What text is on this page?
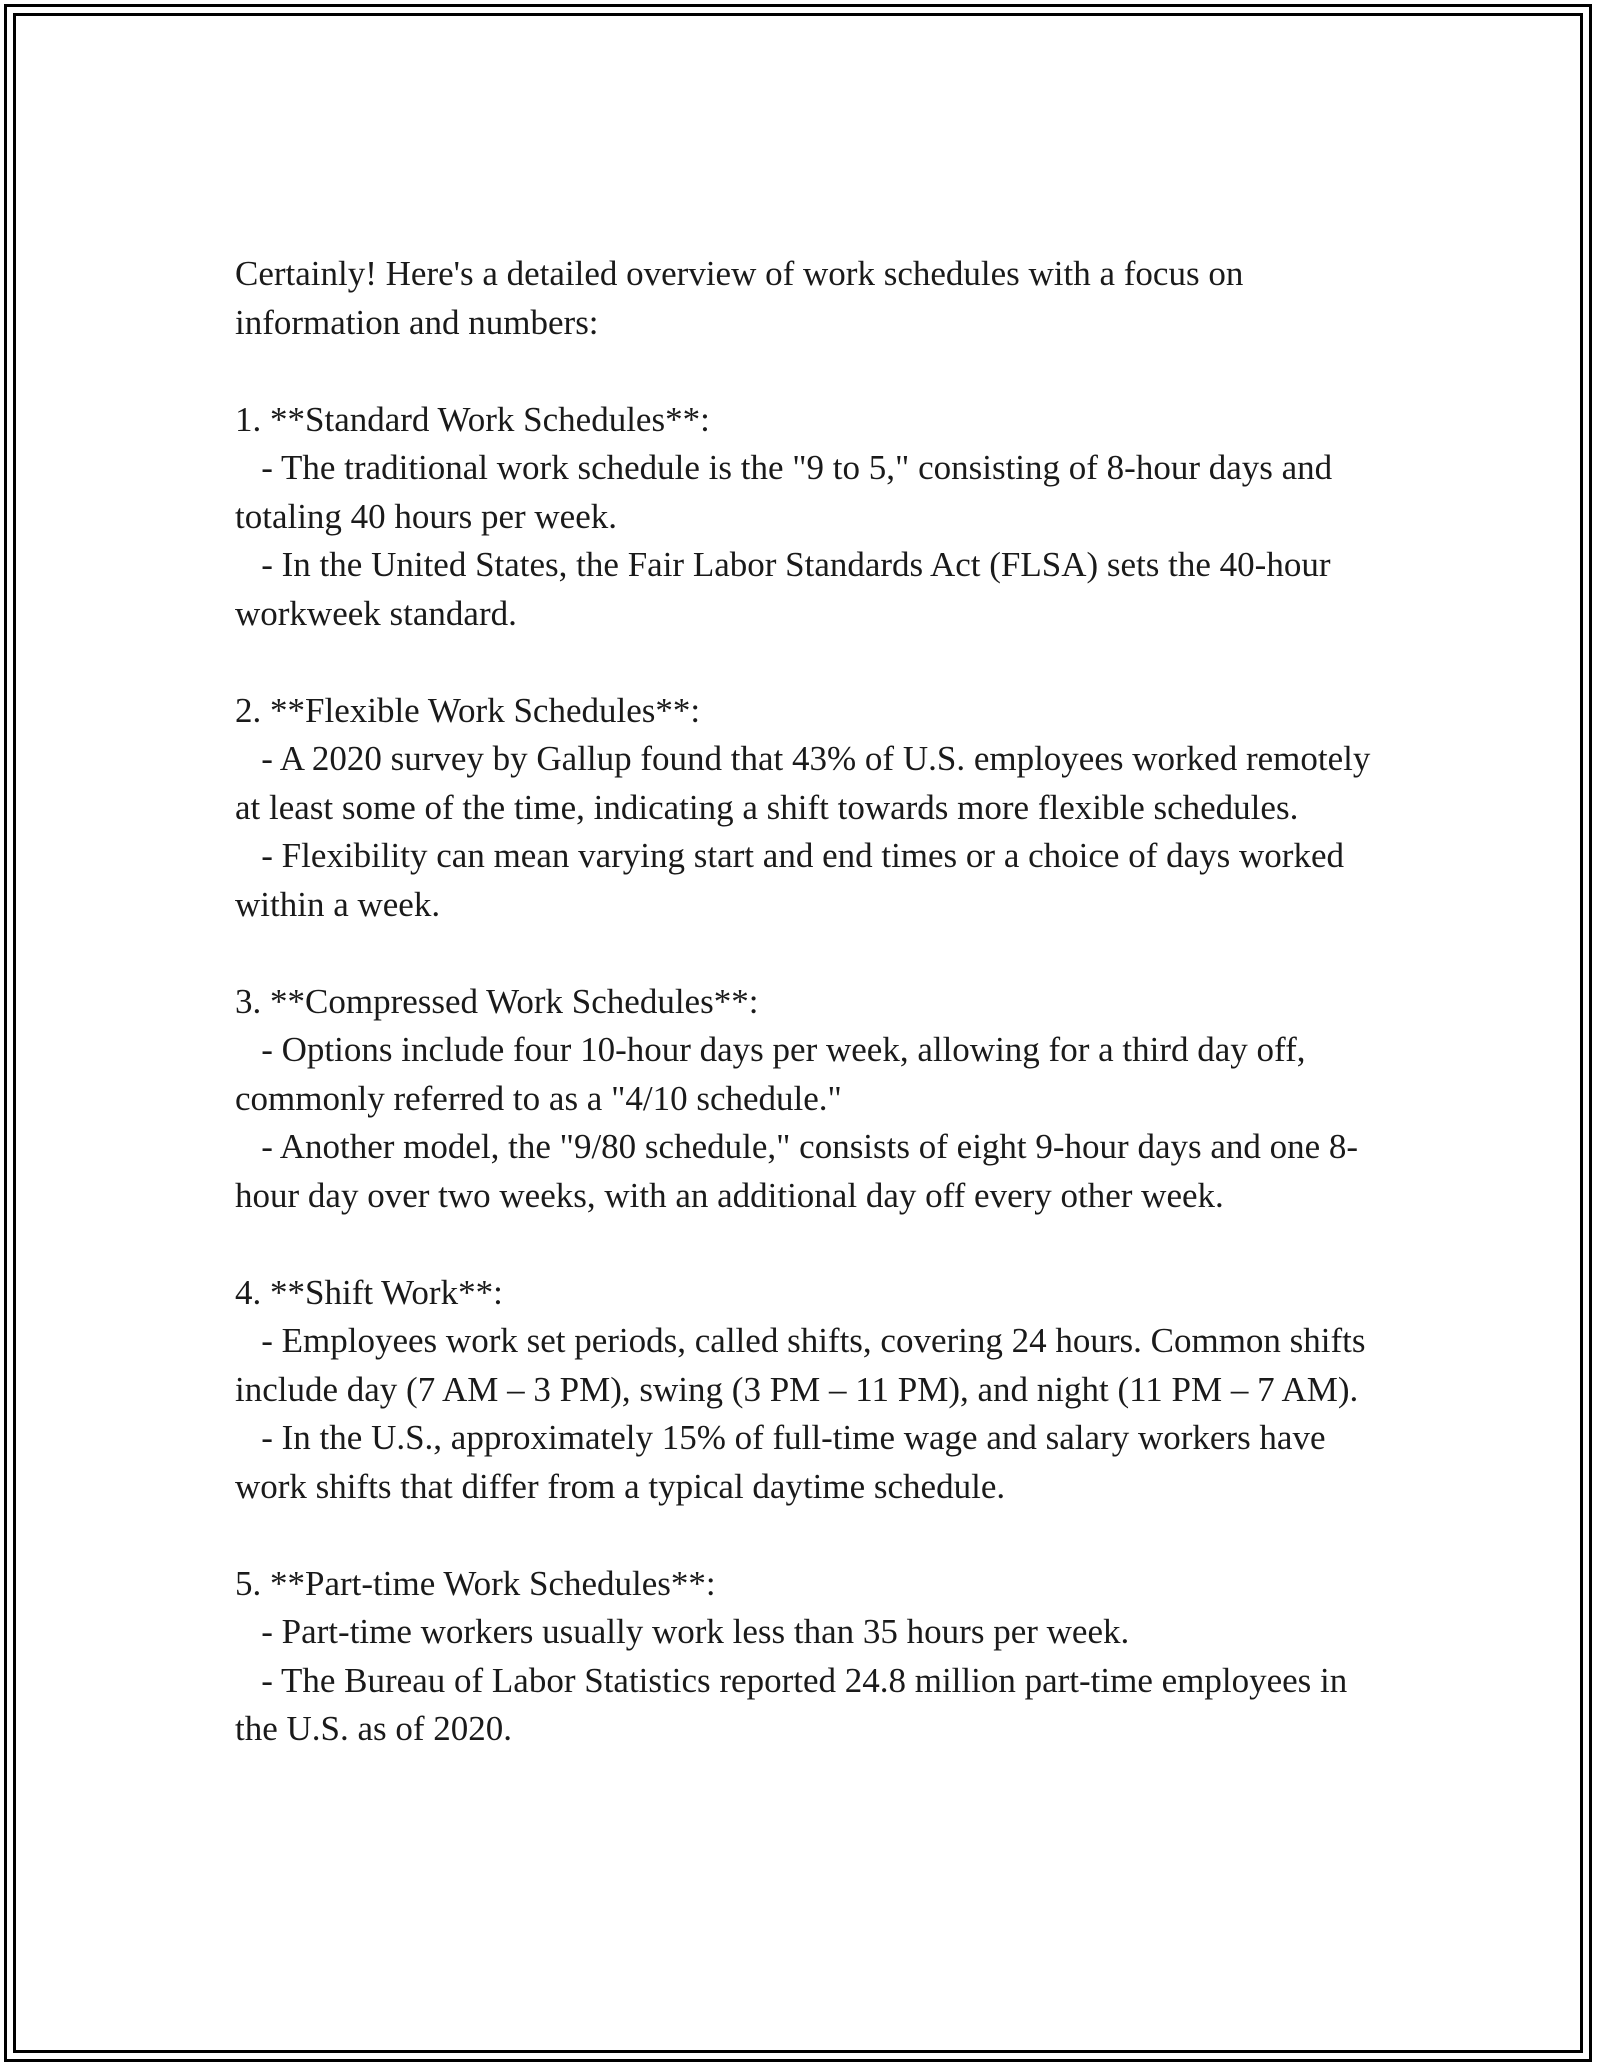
Certainly! Here's a detailed overview of work schedules with a focus on information and numbers:

1. **Standard Work Schedules**:

- The traditional work schedule is the "9 to 5," consisting of 8-hour days and totaling 40 hours per week.

- In the United States, the Fair Labor Standards Act (FLSA) sets the 40-hour workweek standard.

2. **Flexible Work Schedules**:

- A 2020 survey by Gallup found that 43% of U.S. employees worked remotely at least some of the time, indicating a shift towards more flexible schedules.

- Flexibility can mean varying start and end times or a choice of days worked within a week.

3. **Compressed Work Schedules**:

- Options include four 10-hour days per week, allowing for a third day off, commonly referred to as a "4/10 schedule."

- Another model, the "9/80 schedule," consists of eight 9-hour days and one 8-hour day over two weeks, with an additional day off every other week.

4. **Shift Work**:

- Employees work set periods, called shifts, covering 24 hours. Common shifts include day (7 AM – 3 PM), swing (3 PM – 11 PM), and night (11 PM – 7 AM).

- In the U.S., approximately 15% of full-time wage and salary workers have work shifts that differ from a typical daytime schedule.

5. **Part-time Work Schedules**:

- Part-time workers usually work less than 35 hours per week.

- The Bureau of Labor Statistics reported 24.8 million part-time employees in the U.S. as of 2020.
